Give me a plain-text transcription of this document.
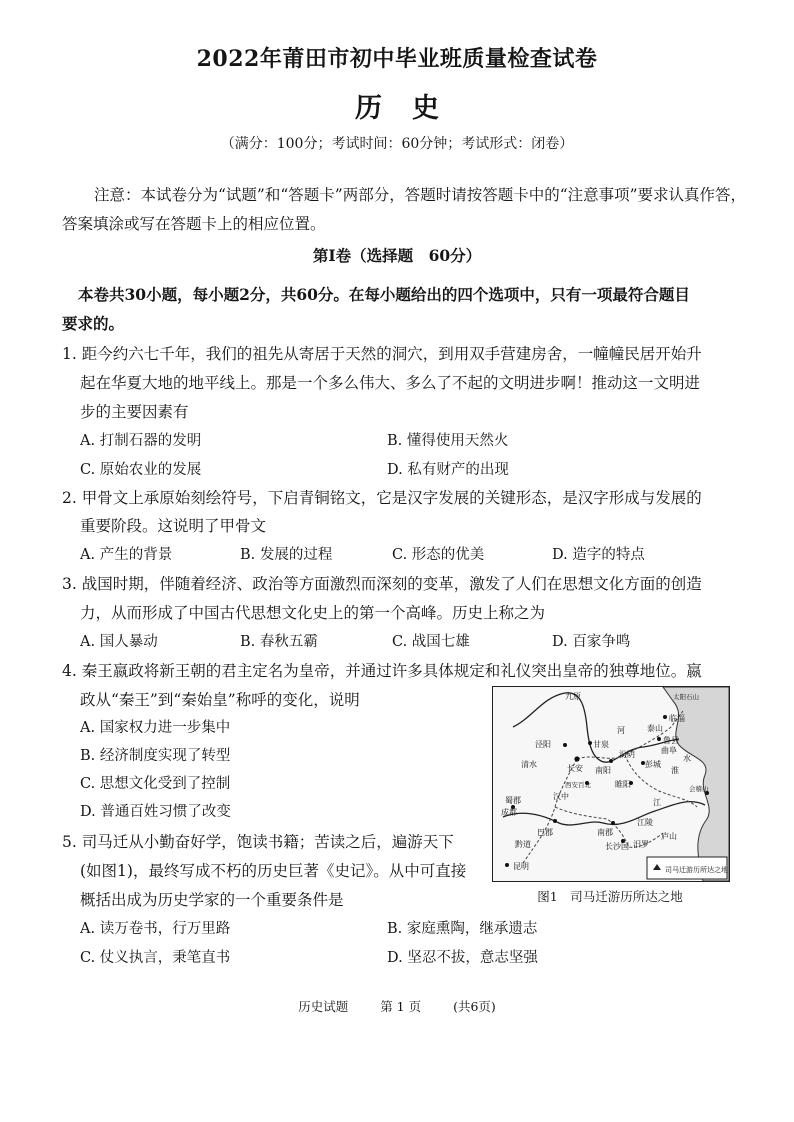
2022年莆田市初中毕业班质量检查试卷
历史
（满分：100分；考试时间：60分钟；考试形式：闭卷）
注意：本试卷分为“试题”和“答题卡”两部分，答题时请按答题卡中的“注意事项”要求认真作答，答案填涂或写在答题卡上的相应位置。
第Ⅰ卷（选择题　60分）
本卷共30小题，每小题2分，共60分。在每小题给出的四个选项中，只有一项最符合题目
要求的。
1. 距今约六七千年，我们的祖先从寄居于天然的洞穴，到用双手营建房舍，一幢幢民居开始升
起在华夏大地的地平线上。那是一个多么伟大、多么了不起的文明进步啊！推动这一文明进
步的主要因素有
A. 打制石器的发明	B. 懂得使用天然火
C. 原始农业的发展	D. 私有财产的出现
2. 甲骨文上承原始刻绘符号，下启青铜铭文，它是汉字发展的关键形态，是汉字形成与发展的
重要阶段。这说明了甲骨文
A. 产生的背景	B. 发展的过程	C. 形态的优美	D. 造字的特点
3. 战国时期，伴随着经济、政治等方面激烈而深刻的变革，激发了人们在思想文化方面的创造
力，从而形成了中国古代思想文化史上的第一个高峰。历史上称之为
A. 国人暴动	B. 春秋五霸	C. 战国七雄	D. 百家争鸣
4. 秦王嬴政将新王朝的君主定名为皇帝，并通过许多具体规定和礼仪突出皇帝的独尊地位。嬴
政从“秦王”到“秦始皇”称呼的变化，说明
A. 国家权力进一步集中
B. 经济制度实现了转型
C. 思想文化受到了控制
D. 普通百姓习惯了改变
5. 司马迁从小勤奋好学，饱读书籍；苦读之后，遍游天下
(如图1)，最终写成不朽的历史巨著《史记》。从中可直接
概括出成为历史学家的一个重要条件是
A. 读万卷书，行万里路	B. 家庭熏陶，继承遗志
C. 仗义执言，秉笔直书	D. 坚忍不拔，意志坚强
九原	太阳石山
河
泾阳	甘泉
临淄
泰山
鲁县
曲阜
清水	长安
汾阴
彭城
西安百北	睢阳
南阳
汉中
蜀郡
成都
巴郡	南郡
江陵
江
长沙国 汨罗
庐山
会稽山
黔道
昆明
水
淮
司马迁游历所达之地
图1　司马迁游历所达之地
历史试题	第 1 页	(共6页)
